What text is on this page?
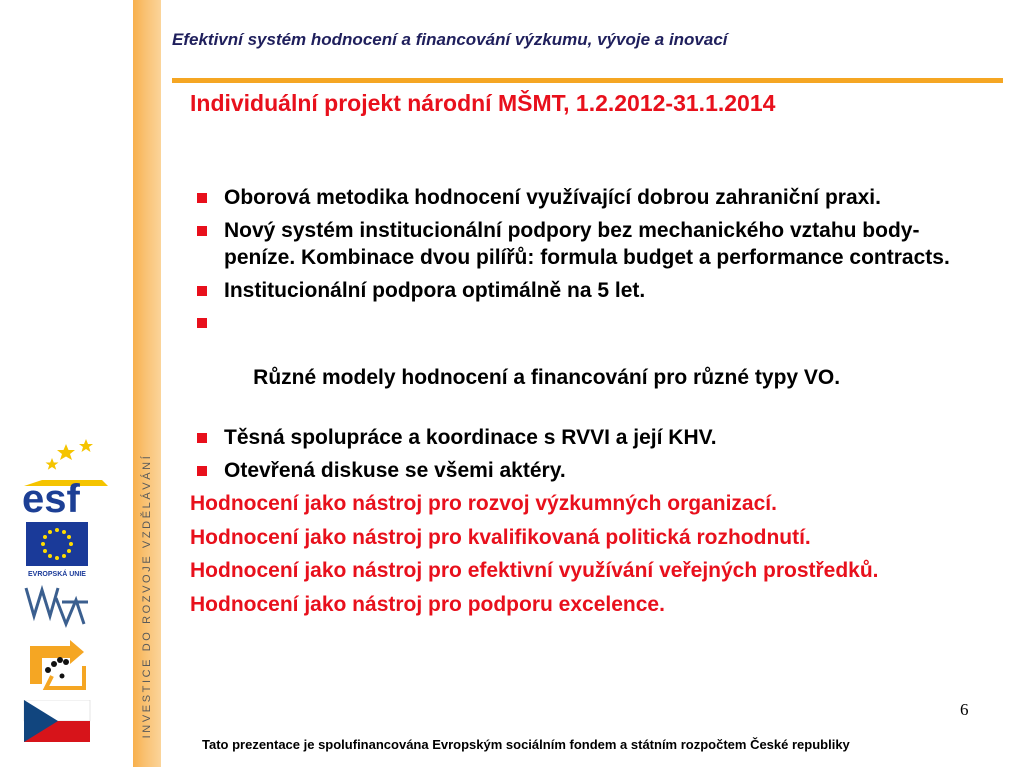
INVESTICE DO ROZVOJE VZDĚLÁVÁNÍ
esf
EVROPSKÁ UNIE
MŠMT
Efektivní systém hodnocení a financování výzkumu, vývoje a inovací
Individuální projekt národní MŠMT, 1.2.2012-31.1.2014
Oborová metodika hodnocení využívající dobrou zahraniční praxi.
Nový systém institucionální podpory bez mechanického vztahu body-peníze. Kombinace dvou pilířů: formula budget a performance contracts.
Institucionální podpora optimálně na 5 let.

Různé modely hodnocení a financování pro různé typy VO.

Těsná spolupráce a koordinace s RVVI a její KHV.
Otevřená diskuse se všemi aktéry.
Hodnocení jako nástroj pro rozvoj výzkumných organizací.
Hodnocení jako nástroj pro kvalifikovaná politická rozhodnutí.
Hodnocení jako nástroj pro efektivní využívání veřejných prostředků.
Hodnocení jako nástroj pro podporu excelence.
6
Tato prezentace je spolufinancována Evropským sociálním fondem a státním rozpočtem České republiky
